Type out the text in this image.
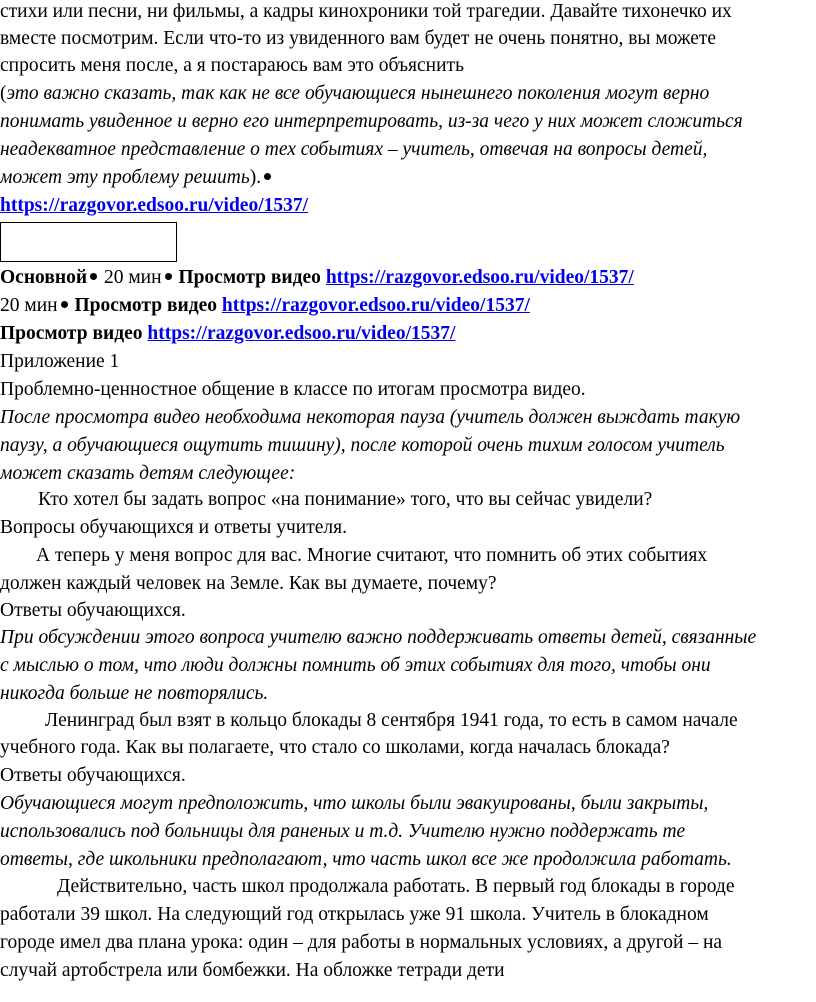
стихи или песни, ни фильмы, а кадры кинохроники той трагедии. Давайте тихонечко их
вместе посмотрим. Если что-то из увиденного вам будет не очень понятно, вы можете
спросить меня после, а я постараюсь вам это объяснить
(это важно сказать, так как не все обучающиеся нынешнего поколения могут верно
понимать увиденное и верно его интерпретировать, из-за чего у них может сложиться
неадекватное представление о тех событиях – учитель, отвечая на вопросы детей,
может эту проблему решить).
https://razgovor.edsoo.ru/video/1537/
Основной 20 мин Просмотр видео https://razgovor.edsoo.ru/video/1537/
20 мин Просмотр видео https://razgovor.edsoo.ru/video/1537/
Просмотр видео https://razgovor.edsoo.ru/video/1537/
Приложение 1
Проблемно-ценностное общение в классе по итогам просмотра видео.
После просмотра видео необходима некоторая пауза (учитель должен выждать такую
паузу, а обучающиеся ощутить тишину), после которой очень тихим голосом учитель
может сказать детям следующее:
Кто хотел бы задать вопрос «на понимание» того, что вы сейчас увидели?
Вопросы обучающихся и ответы учителя.
А теперь у меня вопрос для вас. Многие считают, что помнить об этих событиях
должен каждый человек на Земле. Как вы думаете, почему?
Ответы обучающихся.
При обсуждении этого вопроса учителю важно поддерживать ответы детей, связанные
с мыслью о том, что люди должны помнить об этих событиях для того, чтобы они
никогда больше не повторялись.
Ленинград был взят в кольцо блокады 8 сентября 1941 года, то есть в самом начале
учебного года. Как вы полагаете, что стало со школами, когда началась блокада?
Ответы обучающихся.
Обучающиеся могут предположить, что школы были эвакуированы, были закрыты,
использовались под больницы для раненых и т.д. Учителю нужно поддержать те
ответы, где школьники предполагают, что часть школ все же продолжила работать.
Действительно, часть школ продолжала работать. В первый год блокады в городе
работали 39 школ. На следующий год открылась уже 91 школа. Учитель в блокадном
городе имел два плана урока: один – для работы в нормальных условиях, а другой – на
случай артобстрела или бомбежки. На обложке тетради дети
